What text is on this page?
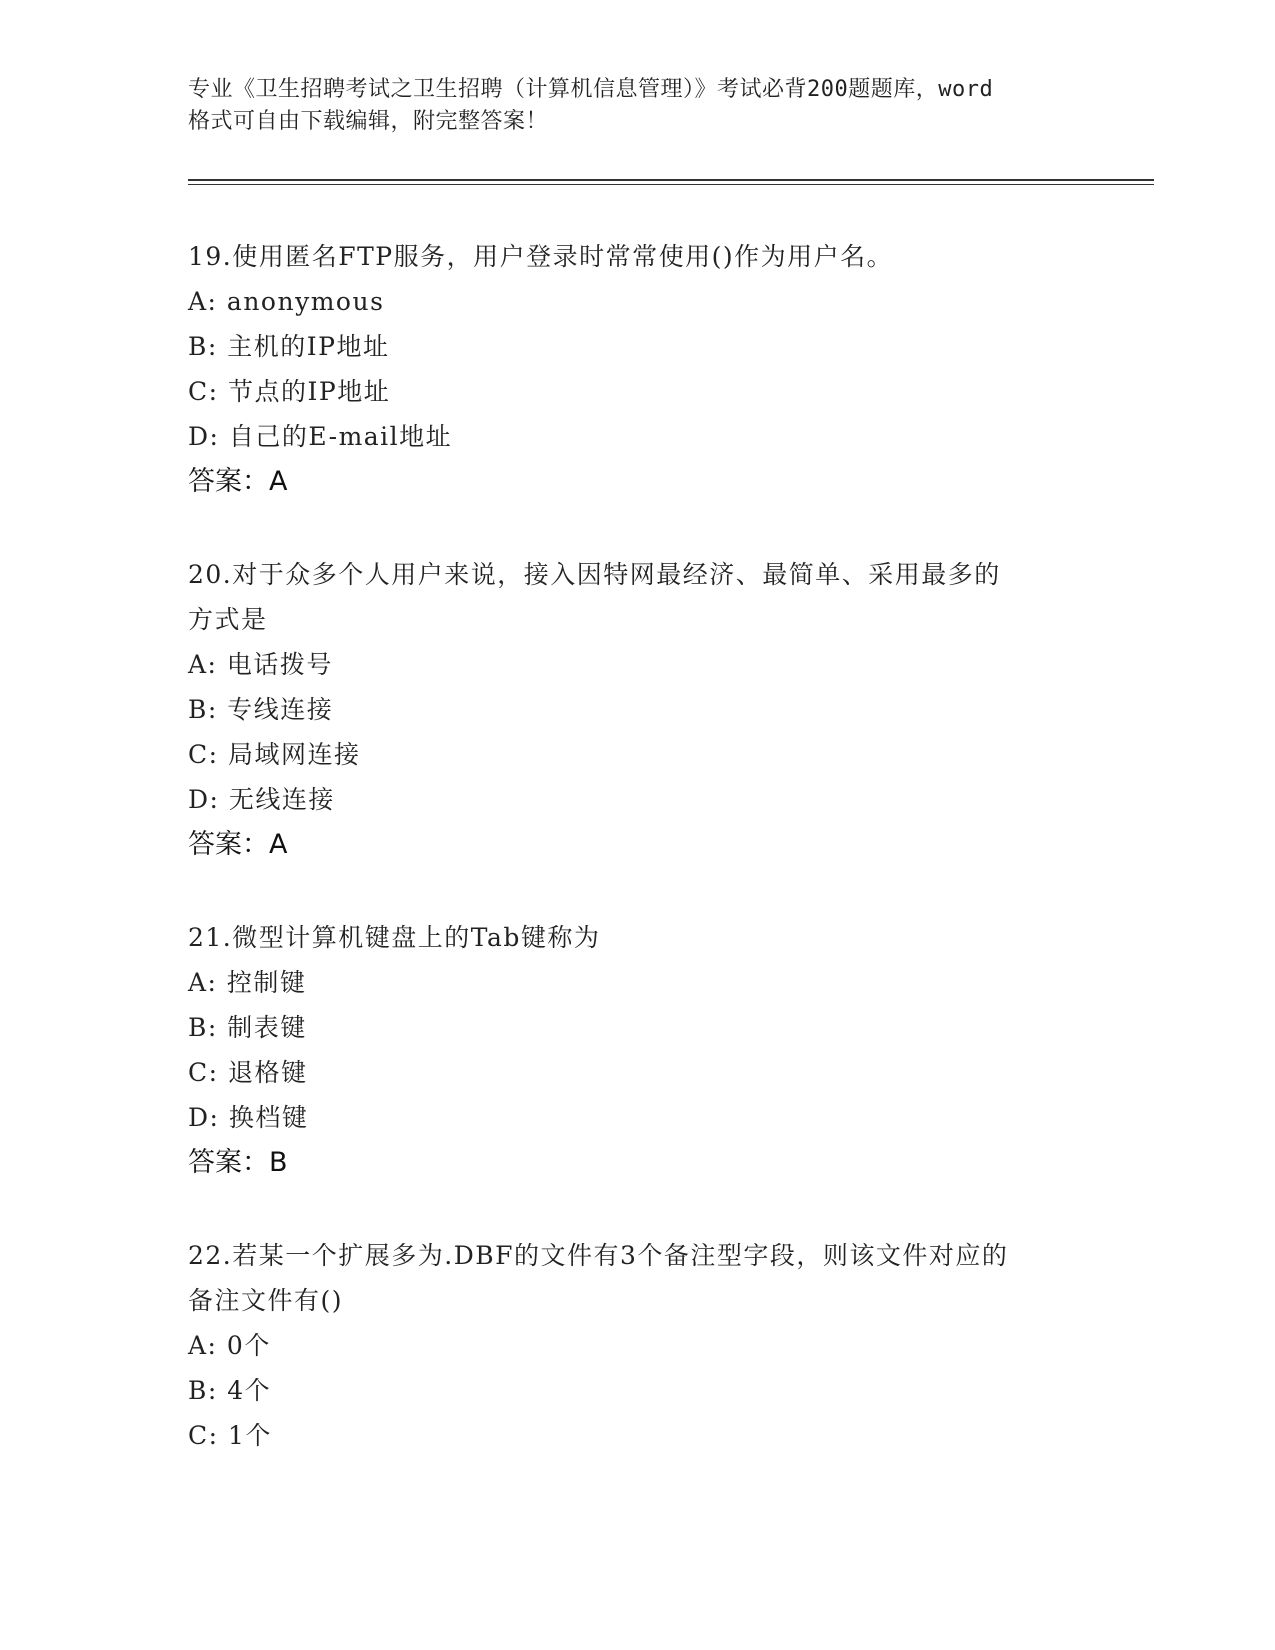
专业《卫生招聘考试之卫生招聘（计算机信息管理）》考试必背200题题库，word
格式可自由下载编辑，附完整答案！

19.使用匿名FTP服务，用户登录时常常使用()作为用户名。

A: anonymous

B: 主机的IP地址

C: 节点的IP地址

D: 自己的E-mail地址

答案：A

20.对于众多个人用户来说，接入因特网最经济、最简单、采用最多的

方式是

A: 电话拨号

B: 专线连接

C: 局域网连接

D: 无线连接

答案：A

21.微型计算机键盘上的Tab键称为

A: 控制键

B: 制表键

C: 退格键

D: 换档键

答案：B

22.若某一个扩展多为.DBF的文件有3个备注型字段，则该文件对应的

备注文件有()

A: 0个

B: 4个

C: 1个
